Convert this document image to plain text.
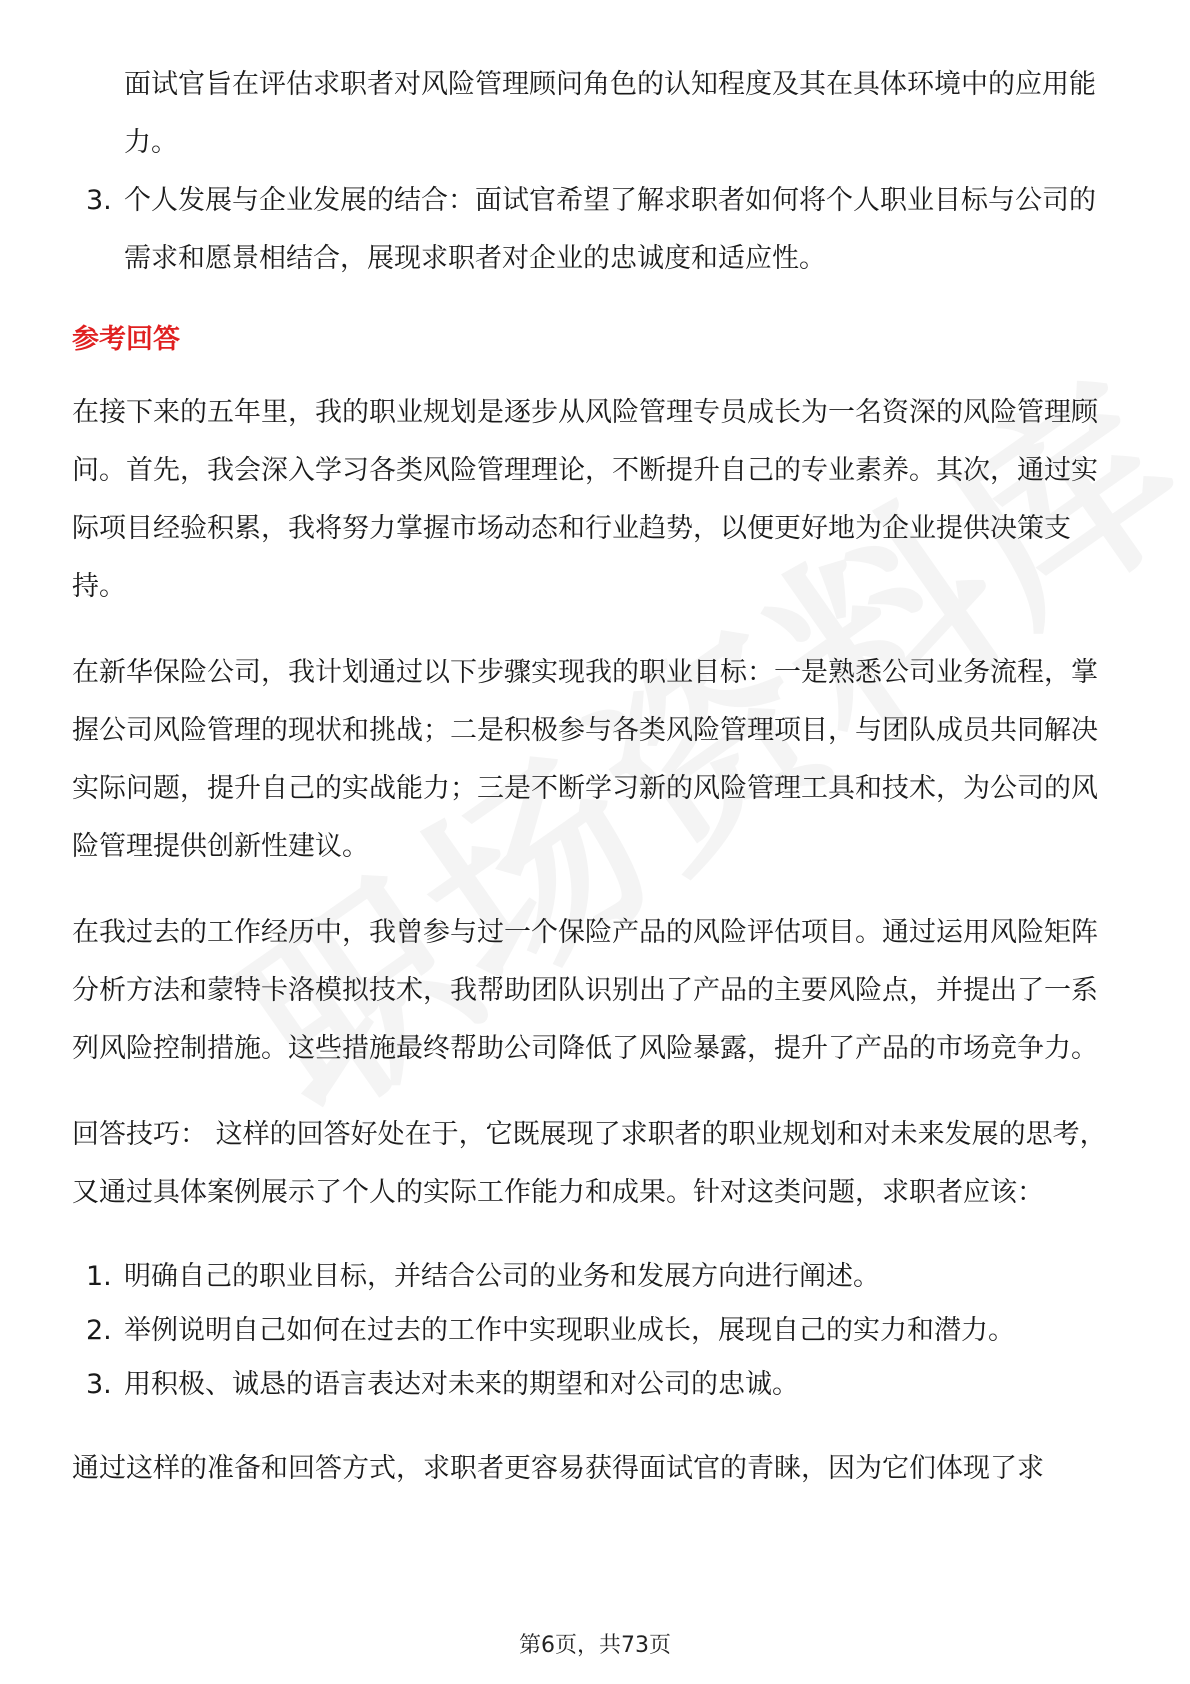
面试官旨在评估求职者对风险管理顾问角色的认知程度及其在具体环境中的应用能力。

3. 个人发展与企业发展的结合：面试官希望了解求职者如何将个人职业目标与公司的需求和愿景相结合，展现求职者对企业的忠诚度和适应性。
参考回答

在接下来的五年里，我的职业规划是逐步从风险管理专员成长为一名资深的风险管理顾问。首先，我会深入学习各类风险管理理论，不断提升自己的专业素养。其次，通过实际项目经验积累，我将努力掌握市场动态和行业趋势，以便更好地为企业提供决策支持。

在新华保险公司，我计划通过以下步骤实现我的职业目标：一是熟悉公司业务流程，掌握公司风险管理的现状和挑战；二是积极参与各类风险管理项目，与团队成员共同解决实际问题，提升自己的实战能力；三是不断学习新的风险管理工具和技术，为公司的风险管理提供创新性建议。

在我过去的工作经历中，我曾参与过一个保险产品的风险评估项目。通过运用风险矩阵分析方法和蒙特卡洛模拟技术，我帮助团队识别出了产品的主要风险点，并提出了一系列风险控制措施。这些措施最终帮助公司降低了风险暴露，提升了产品的市场竞争力。

回答技巧： 这样的回答好处在于，它既展现了求职者的职业规划和对未来发展的思考，又通过具体案例展示了个人的实际工作能力和成果。针对这类问题，求职者应该：

1. 明确自己的职业目标，并结合公司的业务和发展方向进行阐述。
2. 举例说明自己如何在过去的工作中实现职业成长，展现自己的实力和潜力。
3. 用积极、诚恳的语言表达对未来的期望和对公司的忠诚。

通过这样的准备和回答方式，求职者更容易获得面试官的青睐，因为它们体现了求

第6页，共73页
